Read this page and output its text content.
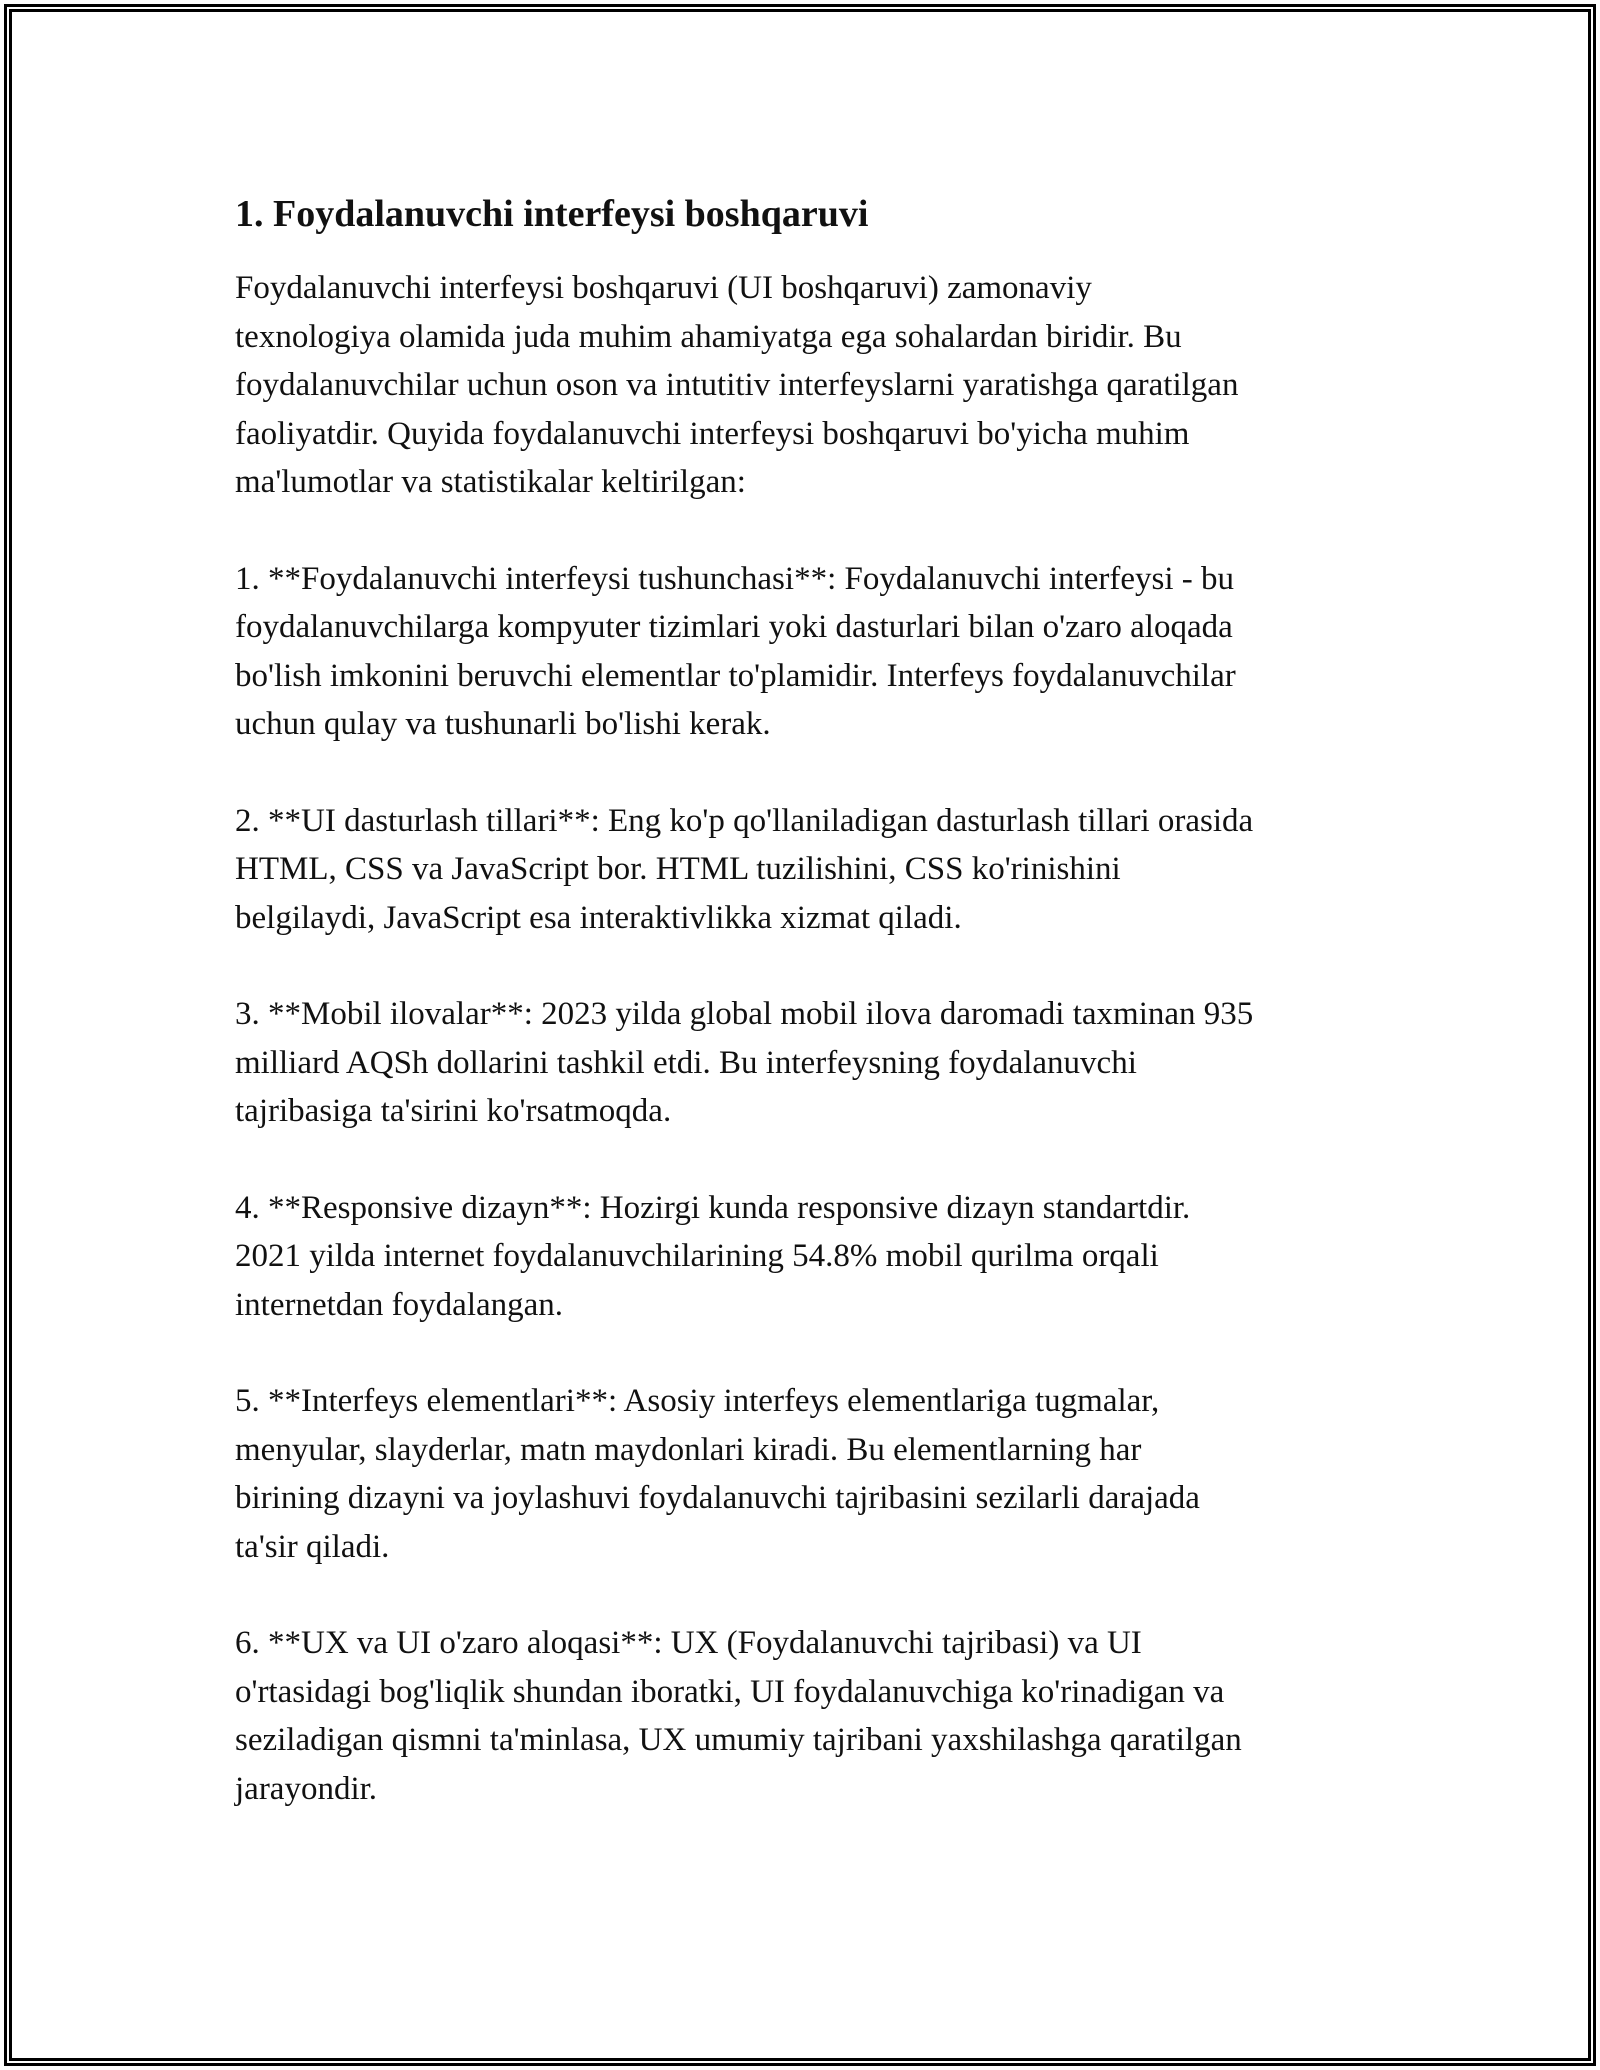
1. Foydalanuvchi interfeysi boshqaruvi

Foydalanuvchi interfeysi boshqaruvi (UI boshqaruvi) zamonaviy
texnologiya olamida juda muhim ahamiyatga ega sohalardan biridir. Bu
foydalanuvchilar uchun oson va intutitiv interfeyslarni yaratishga qaratilgan
faoliyatdir. Quyida foydalanuvchi interfeysi boshqaruvi bo'yicha muhim
ma'lumotlar va statistikalar keltirilgan:

1. **Foydalanuvchi interfeysi tushunchasi**: Foydalanuvchi interfeysi - bu
foydalanuvchilarga kompyuter tizimlari yoki dasturlari bilan o'zaro aloqada
bo'lish imkonini beruvchi elementlar to'plamidir. Interfeys foydalanuvchilar
uchun qulay va tushunarli bo'lishi kerak.

2. **UI dasturlash tillari**: Eng ko'p qo'llaniladigan dasturlash tillari orasida
HTML, CSS va JavaScript bor. HTML tuzilishini, CSS ko'rinishini
belgilaydi, JavaScript esa interaktivlikka xizmat qiladi.

3. **Mobil ilovalar**: 2023 yilda global mobil ilova daromadi taxminan 935
milliard AQSh dollarini tashkil etdi. Bu interfeysning foydalanuvchi
tajribasiga ta'sirini ko'rsatmoqda.

4. **Responsive dizayn**: Hozirgi kunda responsive dizayn standartdir.
2021 yilda internet foydalanuvchilarining 54.8% mobil qurilma orqali
internetdan foydalangan.

5. **Interfeys elementlari**: Asosiy interfeys elementlariga tugmalar,
menyular, slayderlar, matn maydonlari kiradi. Bu elementlarning har
birining dizayni va joylashuvi foydalanuvchi tajribasini sezilarli darajada
ta'sir qiladi.

6. **UX va UI o'zaro aloqasi**: UX (Foydalanuvchi tajribasi) va UI
o'rtasidagi bog'liqlik shundan iboratki, UI foydalanuvchiga ko'rinadigan va
seziladigan qismni ta'minlasa, UX umumiy tajribani yaxshilashga qaratilgan
jarayondir.
